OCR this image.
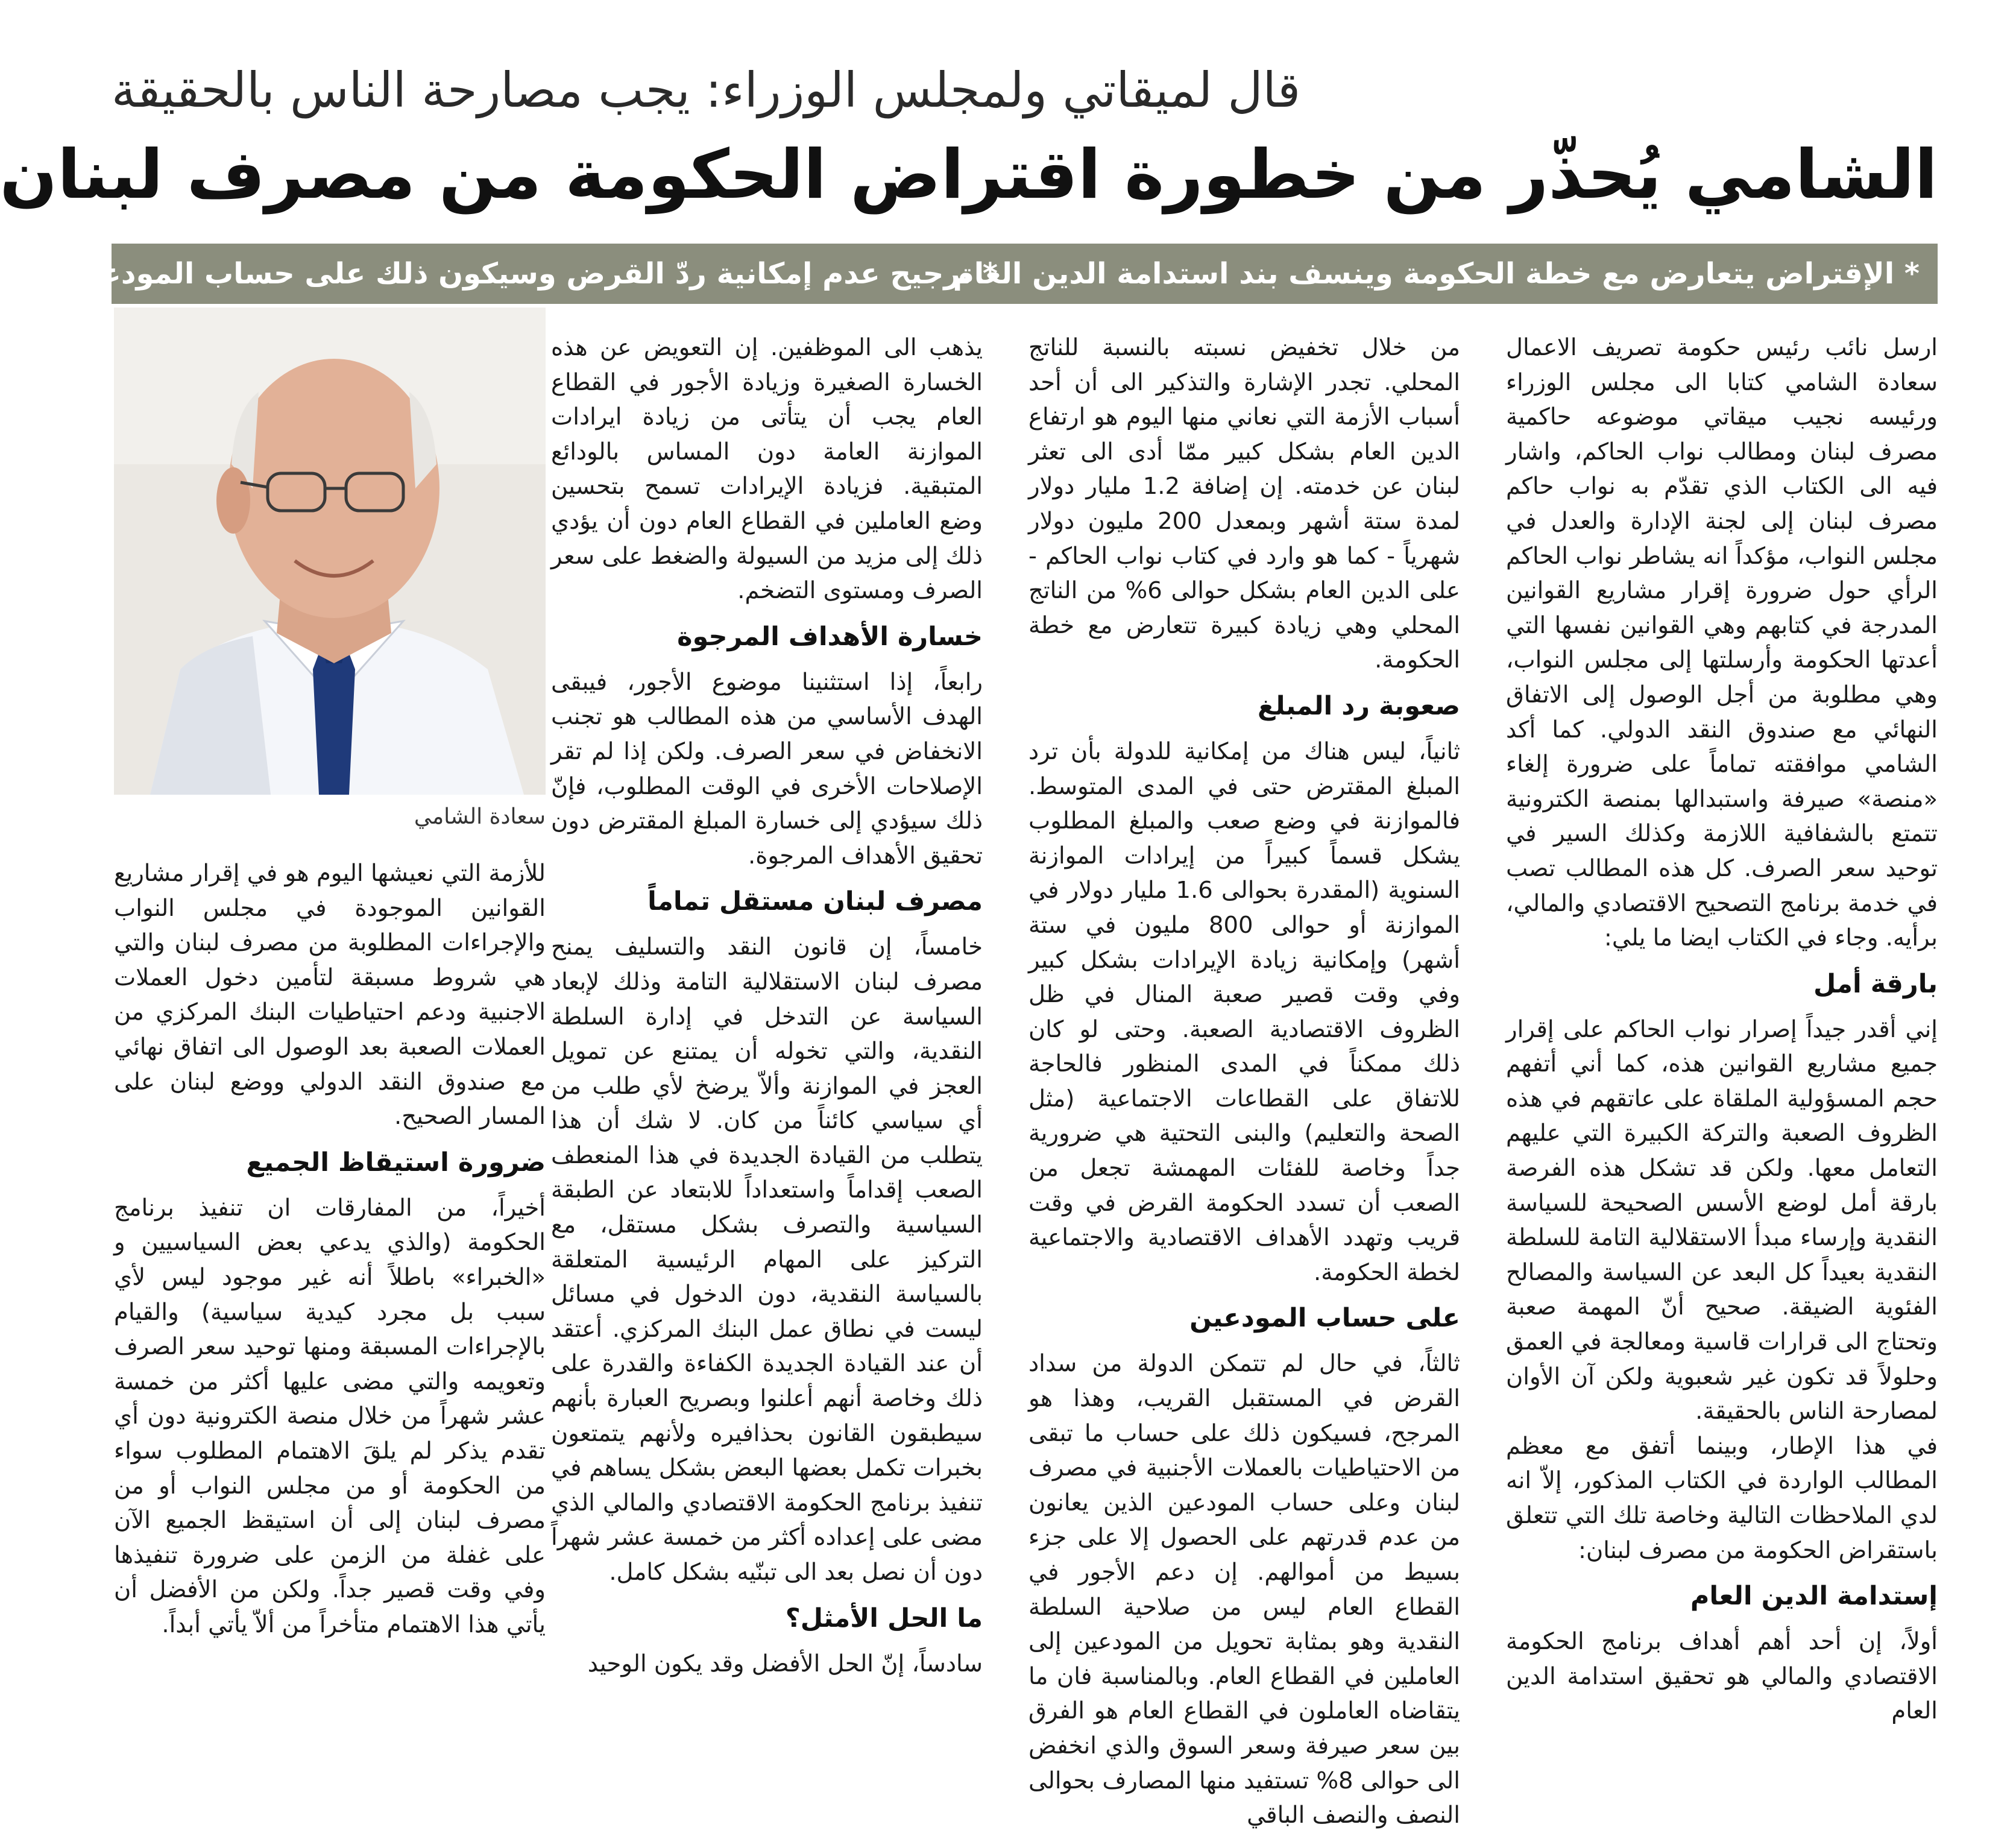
قال لميقاتي ولمجلس الوزراء: يجب مصارحة الناس بالحقيقة
الشامي يُحذّر من خطورة اقتراض الحكومة من مصرف لبنان
* الإقتراض يتعارض مع خطة الحكومة وينسف بند استدامة الدين العام
* ترجيح عدم إمكانية ردّ القرض وسيكون ذلك على حساب المودعين
سعادة الشامي

ارسل نائب رئيس حكومة تصريف الاعمال سعادة الشامي كتابا الى مجلس الوزراء ورئيسه نجيب ميقاتي موضوعه حاكمية مصرف لبنان ومطالب نواب الحاكم، واشار فيه الى الكتاب الذي تقدّم به نواب حاكم مصرف لبنان إلى لجنة الإدارة والعدل في مجلس النواب، مؤكداً انه يشاطر نواب الحاكم الرأي حول ضرورة إقرار مشاريع القوانين المدرجة في كتابهم وهي القوانين نفسها التي أعدتها الحكومة وأرسلتها إلى مجلس النواب، وهي مطلوبة من أجل الوصول إلى الاتفاق النهائي مع صندوق النقد الدولي. كما أكد الشامي موافقته تماماً على ضرورة إلغاء «منصة» صيرفة واستبدالها بمنصة الكترونية تتمتع بالشفافية اللازمة وكذلك السير في توحيد سعر الصرف. كل هذه المطالب تصب في خدمة برنامج التصحيح الاقتصادي والمالي، برأيه. وجاء في الكتاب ايضا ما يلي:

بارقة أمل

إني أقدر جيداً إصرار نواب الحاكم على إقرار جميع مشاريع القوانين هذه، كما أني أتفهم حجم المسؤولية الملقاة على عاتقهم في هذه الظروف الصعبة والتركة الكبيرة التي عليهم التعامل معها. ولكن قد تشكل هذه الفرصة بارقة أمل لوضع الأسس الصحيحة للسياسة النقدية وإرساء مبدأ الاستقلالية التامة للسلطة النقدية بعيداً كل البعد عن السياسة والمصالح الفئوية الضيقة. صحيح أنّ المهمة صعبة وتحتاج الى قرارات قاسية ومعالجة في العمق وحلولاً قد تكون غير شعبوية ولكن آن الأوان لمصارحة الناس بالحقيقة.

في هذا الإطار، وبينما أتفق مع معظم المطالب الواردة في الكتاب المذكور، إلاّ انه لدي الملاحظات التالية وخاصة تلك التي تتعلق باستقراض الحكومة من مصرف لبنان:

إستدامة الدين العام

أولاً، إن أحد أهم أهداف برنامج الحكومة الاقتصادي والمالي هو تحقيق استدامة الدين العام

من خلال تخفيض نسبته بالنسبة للناتج المحلي. تجدر الإشارة والتذكير الى أن أحد أسباب الأزمة التي نعاني منها اليوم هو ارتفاع الدين العام بشكل كبير ممّا أدى الى تعثر لبنان عن خدمته. إن إضافة 1.2 مليار دولار لمدة ستة أشهر وبمعدل 200 مليون دولار شهرياً - كما هو وارد في كتاب نواب الحاكم - على الدين العام بشكل حوالى 6% من الناتج المحلي وهي زيادة كبيرة تتعارض مع خطة الحكومة.

صعوبة رد المبلغ

ثانياً، ليس هناك من إمكانية للدولة بأن ترد المبلغ المقترض حتى في المدى المتوسط. فالموازنة في وضع صعب والمبلغ المطلوب يشكل قسماً كبيراً من إيرادات الموازنة السنوية (المقدرة بحوالى 1.6 مليار دولار في الموازنة أو حوالى 800 مليون في ستة أشهر) وإمكانية زيادة الإيرادات بشكل كبير وفي وقت قصير صعبة المنال في ظل الظروف الاقتصادية الصعبة. وحتى لو كان ذلك ممكناً في المدى المنظور فالحاجة للاتفاق على القطاعات الاجتماعية (مثل الصحة والتعليم) والبنى التحتية هي ضرورية جداً وخاصة للفئات المهمشة تجعل من الصعب أن تسدد الحكومة القرض في وقت قريب وتهدد الأهداف الاقتصادية والاجتماعية لخطة الحكومة.

على حساب المودعين

ثالثاً، في حال لم تتمكن الدولة من سداد القرض في المستقبل القريب، وهذا هو المرجح، فسيكون ذلك على حساب ما تبقى من الاحتياطيات بالعملات الأجنبية في مصرف لبنان وعلى حساب المودعين الذين يعانون من عدم قدرتهم على الحصول إلا على جزء بسيط من أموالهم. إن دعم الأجور في القطاع العام ليس من صلاحية السلطة النقدية وهو بمثابة تحويل من المودعين إلى العاملين في القطاع العام. وبالمناسبة فان ما يتقاضاه العاملون في القطاع العام هو الفرق بين سعر صيرفة وسعر السوق والذي انخفض الى حوالى 8% تستفيد منها المصارف بحوالى النصف والنصف الباقي

يذهب الى الموظفين. إن التعويض عن هذه الخسارة الصغيرة وزيادة الأجور في القطاع العام يجب أن يتأتى من زيادة ايرادات الموازنة العامة دون المساس بالودائع المتبقية. فزيادة الإيرادات تسمح بتحسين وضع العاملين في القطاع العام دون أن يؤدي ذلك إلى مزيد من السيولة والضغط على سعر الصرف ومستوى التضخم.

خسارة الأهداف المرجوة

رابعاً، إذا استثنينا موضوع الأجور، فيبقى الهدف الأساسي من هذه المطالب هو تجنب الانخفاض في سعر الصرف. ولكن إذا لم تقر الإصلاحات الأخرى في الوقت المطلوب، فإنّ ذلك سيؤدي إلى خسارة المبلغ المقترض دون تحقيق الأهداف المرجوة.

مصرف لبنان مستقل تماماً

خامساً، إن قانون النقد والتسليف يمنح مصرف لبنان الاستقلالية التامة وذلك لإبعاد السياسة عن التدخل في إدارة السلطة النقدية، والتي تخوله أن يمتنع عن تمويل العجز في الموازنة وألاّ يرضخ لأي طلب من أي سياسي كائناً من كان. لا شك أن هذا يتطلب من القيادة الجديدة في هذا المنعطف الصعب إقداماً واستعداداً للابتعاد عن الطبقة السياسية والتصرف بشكل مستقل، مع التركيز على المهام الرئيسية المتعلقة بالسياسة النقدية، دون الدخول في مسائل ليست في نطاق عمل البنك المركزي. أعتقد أن عند القيادة الجديدة الكفاءة والقدرة على ذلك وخاصة أنهم أعلنوا وبصريح العبارة بأنهم سيطبقون القانون بحذافيره ولأنهم يتمتعون بخبرات تكمل بعضها البعض بشكل يساهم في تنفيذ برنامج الحكومة الاقتصادي والمالي الذي مضى على إعداده أكثر من خمسة عشر شهراً دون أن نصل بعد الى تبنّيه بشكل كامل.

ما الحل الأمثل؟

سادساً، إنّ الحل الأفضل وقد يكون الوحيد

للأزمة التي نعيشها اليوم هو في إقرار مشاريع القوانين الموجودة في مجلس النواب والإجراءات المطلوبة من مصرف لبنان والتي هي شروط مسبقة لتأمين دخول العملات الاجنبية ودعم احتياطيات البنك المركزي من العملات الصعبة بعد الوصول الى اتفاق نهائي مع صندوق النقد الدولي ووضع لبنان على المسار الصحيح.

ضرورة استيقاظ الجميع

أخيراً، من المفارقات ان تنفيذ برنامج الحكومة (والذي يدعي بعض السياسيين و «الخبراء» باطلاً أنه غير موجود ليس لأي سبب بل مجرد كيدية سياسية) والقيام بالإجراءات المسبقة ومنها توحيد سعر الصرف وتعويمه والتي مضى عليها أكثر من خمسة عشر شهراً من خلال منصة الكترونية دون أي تقدم يذكر لم يلقَ الاهتمام المطلوب سواء من الحكومة أو من مجلس النواب أو من مصرف لبنان إلى أن استيقظ الجميع الآن على غفلة من الزمن على ضرورة تنفيذها وفي وقت قصير جداً. ولكن من الأفضل أن يأتي هذا الاهتمام متأخراً من ألاّ يأتي أبداً.
